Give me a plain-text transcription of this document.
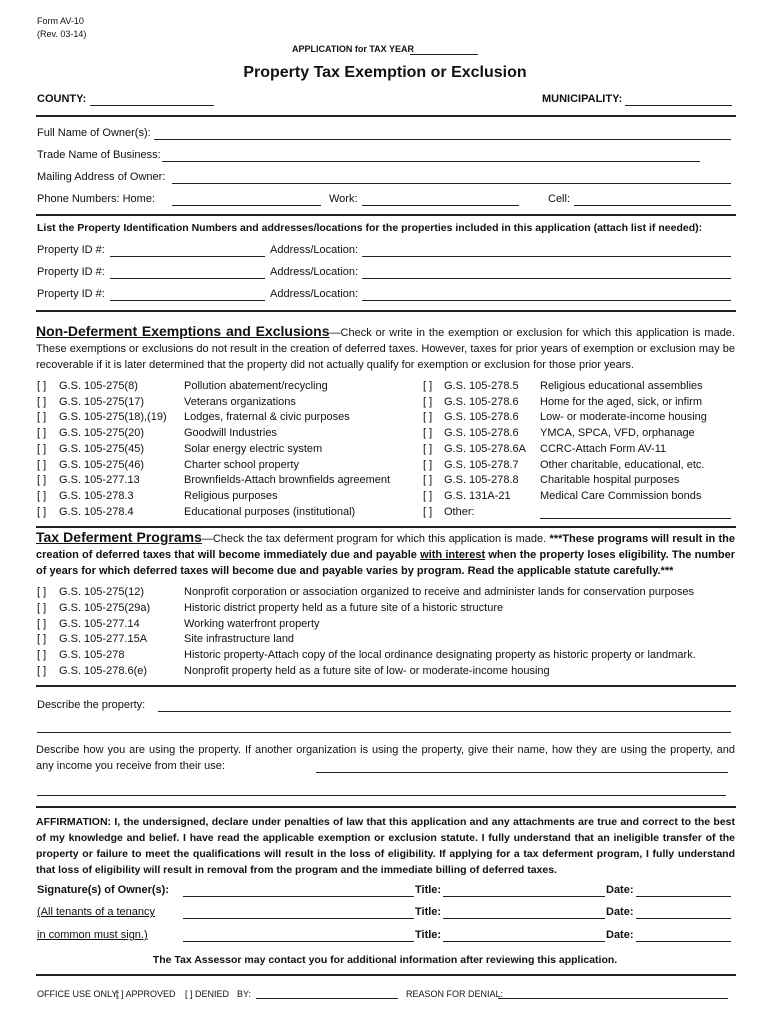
Form AV-10
(Rev. 03-14)
APPLICATION for TAX YEAR
Property Tax Exemption or Exclusion
COUNTY:	MUNICIPALITY:
Full Name of Owner(s):
Trade Name of Business:
Mailing Address of Owner:
Phone Numbers: Home:	Work:	Cell:
List the Property Identification Numbers and addresses/locations for the properties included in this application (attach list if needed):
Property ID #:	Address/Location:
Property ID #:	Address/Location:
Property ID #:	Address/Location:
Non-Deferment Exemptions and Exclusions—Check or write in the exemption or exclusion for which this application is made. These exemptions or exclusions do not result in the creation of deferred taxes. However, taxes for prior years of exemption or exclusion may be recoverable if it is later determined that the property did not actually qualify for exemption or exclusion for those prior years.
[ ] G.S. 105-275(8)	Pollution abatement/recycling
[ ] G.S. 105-275(17)	Veterans organizations
[ ] G.S. 105-275(18),(19) Lodges, fraternal & civic purposes
[ ] G.S. 105-275(20)	Goodwill Industries
[ ] G.S. 105-275(45)	Solar energy electric system
[ ] G.S. 105-275(46)	Charter school property
[ ] G.S. 105-277.13	Brownfields-Attach brownfields agreement
[ ] G.S. 105-278.3	Religious purposes
[ ] G.S. 105-278.4	Educational purposes (institutional)
[ ] G.S. 105-278.5 Religious educational assemblies
[ ] G.S. 105-278.6 Home for the aged, sick, or infirm
[ ] G.S. 105-278.6 Low- or moderate-income housing
[ ] G.S. 105-278.6 YMCA, SPCA, VFD, orphanage
[ ] G.S. 105-278.6A CCRC-Attach Form AV-11
[ ] G.S. 105-278.7 Other charitable, educational, etc.
[ ] G.S. 105-278.8 Charitable hospital purposes
[ ] G.S. 131A-21	Medical Care Commission bonds
[ ] Other:
Tax Deferment Programs—Check the tax deferment program for which this application is made. ***These programs will result in the creation of deferred taxes that will become immediately due and payable with interest when the property loses eligibility. The number of years for which deferred taxes will become due and payable varies by program. Read the applicable statute carefully.***
[ ] G.S. 105-275(12)	Nonprofit corporation or association organized to receive and administer lands for conservation purposes
[ ] G.S. 105-275(29a)	Historic district property held as a future site of a historic structure
[ ] G.S. 105-277.14	Working waterfront property
[ ] G.S. 105-277.15A	Site infrastructure land
[ ] G.S. 105-278	Historic property-Attach copy of the local ordinance designating property as historic property or landmark.
[ ] G.S. 105-278.6(e)	Nonprofit property held as a future site of low- or moderate-income housing
Describe the property:
Describe how you are using the property. If another organization is using the property, give their name, how they are using the property, and any income you receive from their use:
AFFIRMATION: I, the undersigned, declare under penalties of law that this application and any attachments are true and correct to the best of my knowledge and belief. I have read the applicable exemption or exclusion statute. I fully understand that an ineligible transfer of the property or failure to meet the qualifications will result in the loss of eligibility. If applying for a tax deferment program, I fully understand that loss of eligibility will result in removal from the program and the immediate billing of deferred taxes.
Signature(s) of Owner(s):	Title:	Date:
(All tenants of a tenancy	Title:	Date:
in common must sign.)	Title:	Date:
The Tax Assessor may contact you for additional information after reviewing this application.
OFFICE USE ONLY:
[ ] APPROVED [ ] DENIED BY:	REASON FOR DENIAL:
